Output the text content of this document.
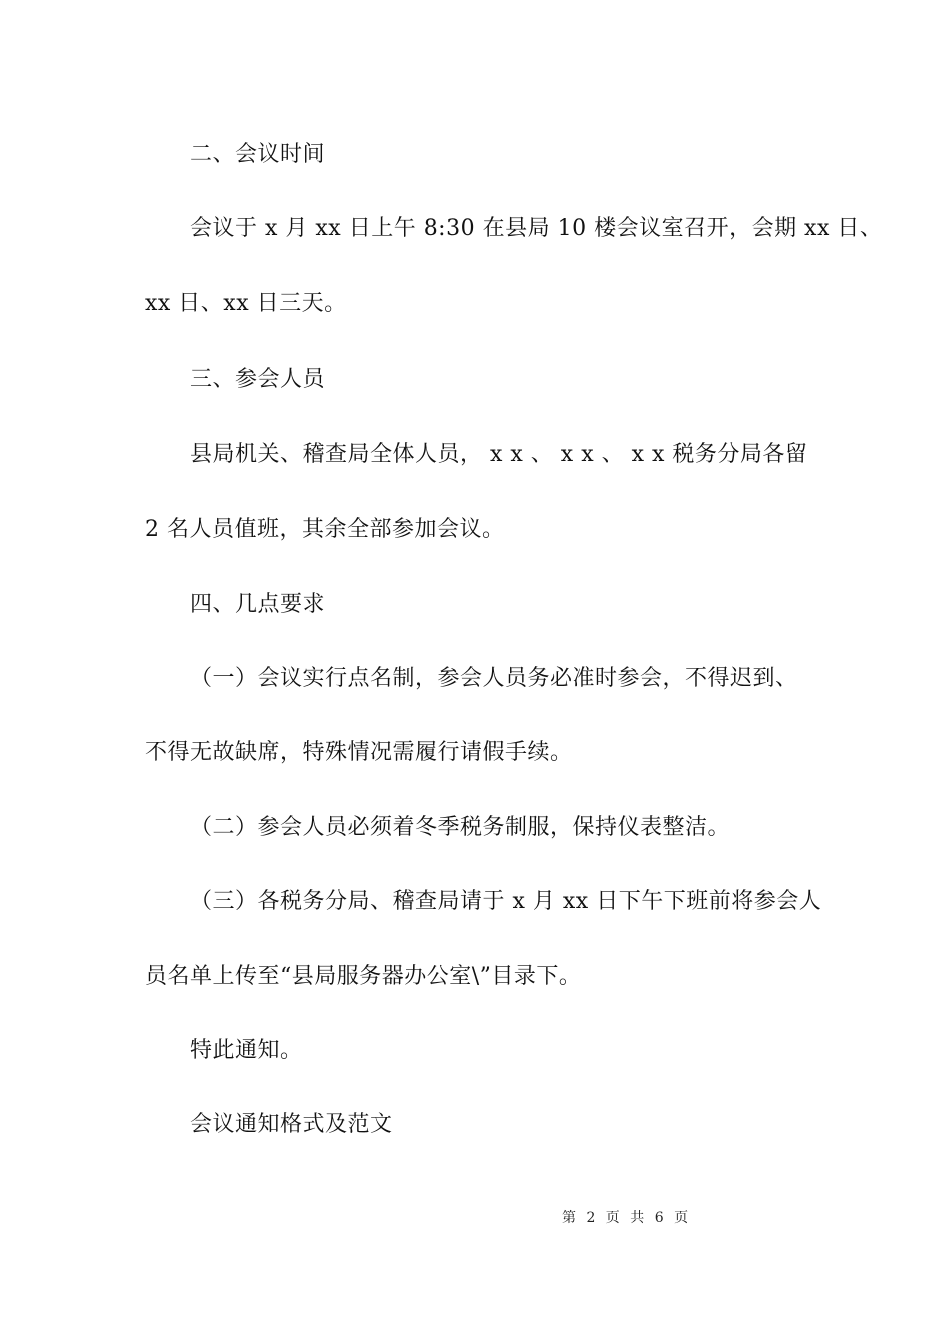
二、会议时间
会议于 x 月 xx 日上午 8:30 在县局 10 楼会议室召开，会期 xx 日、
xx 日、xx 日三天。
三、参会人员
县局机关、稽查局全体人员， x x 、 x x 、 x x 税务分局各留
2 名人员值班，其余全部参加会议。
四、几点要求
（一）会议实行点名制，参会人员务必准时参会，不得迟到、
不得无故缺席，特殊情况需履行请假手续。
（二）参会人员必须着冬季税务制服，保持仪表整洁。
（三）各税务分局、稽查局请于 x 月 xx 日下午下班前将参会人
员名单上传至“县局服务器办公室\”目录下。
特此通知。
会议通知格式及范文
第 2 页 共 6 页
